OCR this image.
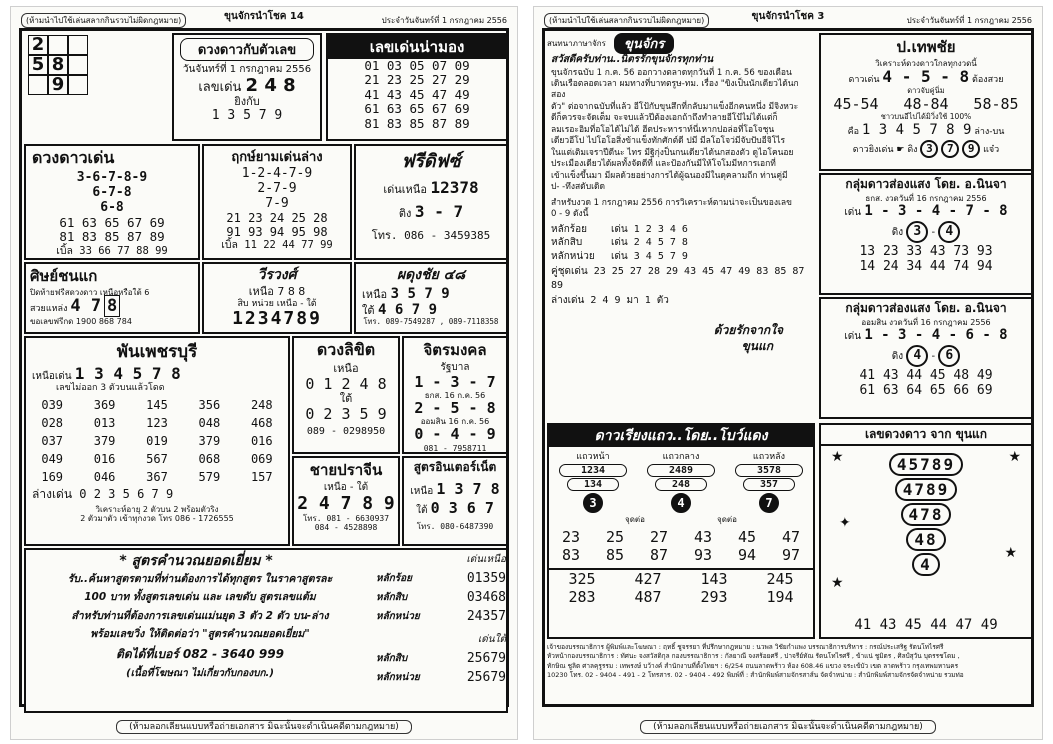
(ห้ามนำไปใช้เล่นสลากกินรวบไม่ผิดกฎหมาย)	ขุนจักรนำโชค 14	ประจำวันจันทร์ที่ 1 กรกฎาคม 2556
2
5 8
9
ดวงดาวกับตัวเลข
วันจันทร์ที่ 1 กรกฎาคม 2556
เลขเด่น 2 4 8
ยิงกับ
1 3 5 7 9
เลขเด่นน่ามอง
01 03 05 07 09
21 23 25 27 29
41 43 45 47 49
61 63 65 67 69
81 83 85 87 89
ดวงดาวเด่น
3-6-7-8-9
6-7-8
6-8
61 63 65 67 69
81 83 85 87 89
เบิ้ล 33 66 77 88 99
ฤกษ์ยามเด่นล่าง
1-2-4-7-9
2-7-9
7-9
21 23 24 25 28
91 93 94 95 98
เบิ้ล 11 22 44 77 99
ฟรีดิฟซ์
เด่นเหนือ 12378
ติง 3 - 7
โทร. 086 - 3459385
ศิษย์ชนแก
ปิดท้ายฟรีสดวงดาว เหนือหรือใต้ 6
สวยแหล่ง 4 7 8
ขอเลขฟรีกด 1900 868 784
วีรวงศ์
เหนือ 7 8 8
สิบ หน่วย เหนือ - ใต้
1234789
ผดุงชัย ๔๘
เหนือ 3 5 7 9
ใต้ 4 6 7 9
โทร. 089-7549287 , 089-7118358
พันเพชรบุรี
เหนือเด่น 1 3 4 5 7 8
เลขไม่ออก 3 ตัวบนแล้วโดด
039	369	145	356	248
028	013	123	048	468
037	379	019	379	016
049	016	567	068	069
169	046	367	579	157
ล่างเด่น 0 2 3 5 6 7 9
วิเคราะห์อายุ 2 ตัวบน 2 พร้อมตัวริง
2 ตัวมาตัว เข้าทุกงวด โทร 086 - 1726555
ดวงลิขิต
เหนือ
0 1 2 4 8
ใต้
0 2 3 5 9
089 - 0298950
จิตรมงคล
รัฐบาล
1 - 3 - 7
ธกส. 16 ก.ค. 56
2 - 5 - 8
ออมสิน 16 ก.ค. 56
0 - 4 - 9
081 - 7958711
ชายปราจีน
เหนือ - ใต้
2 4 7 8 9
โทร. 081 - 6630937
084 - 4528898
สูตรอินเตอร์เน็ต
เหนือ 1 3 7 8
ใต้ 0 3 6 7
โทร. 080-6487390
* สูตรคำนวณยอดเยี่ยม *
รับ..ค้นหาสูตรตามที่ท่านต้องการได้ทุกสูตร ในราคาสูตรละ
100 บาท ทั้งสูตรเลขเด่น และ เลขดับ สูตรเลขแต้ม
สำหรับท่านที่ต้องการเลขเด่นแม่นยุด 3 ตัว 2 ตัว บน-ล่าง
พร้อมเลขวิ่ง ให้ติดต่อว่า "สูตรคำนวณยอดเยี่ยม"
ติดได้ที่เบอร์ 082 - 3640 999
(เนื้อที่โฆษณา ไม่เกี่ยวกับกองบก.)
เด่นเหนือ
หลักร้อย	01359
หลักสิบ	03468
หลักหน่วย	24357
เด่นใต้
หลักสิบ	25679
หลักหน่วย	25679
(ห้ามลอกเลียนแบบหรือถ่ายเอกสาร มิฉะนั้นจะดำเนินคดีตามกฎหมาย)
(ห้ามนำไปใช้เล่นสลากกินรวบไม่ผิดกฎหมาย)	ขุนจักรนำโชค 3	ประจำวันจันทร์ที่ 1 กรกฎาคม 2556
สนทนาภาษาจักร	ขุนจักร
สวัสดีครับท่าน..นิตรรักขุนจักรทุกท่าน
ขุนจักรฉบับ 1 ก.ค. 56 ออกวางตลาดทุกวันที่ 1 ก.ค. 56 ของเดือน
เดินเรือตลอดเวลา ผมทางที่บาทตรูษ-ทม. เรื่อง "ขิงเป็นนักเดียวได้นกสอง
ตัว" ต่อจากฉบับที่แล้ว อีโป้กับขุนสึกที่กลับมาแข็งอีกคนหนึ่ง มีจิงหวะ
ดีก็ควรจะจัดเต็ม จะจบแล้วปีต้องเอกถ้าถึงทำลายอีโป้ไม่ได้แต่ก็
ลมเรอะอิมที่อโอได้ไม่ได้ ฮีตประหาราท์นี่เหากปอล่อที่โอโจชุน
เดียวอีโป ไปโอโอสิ่งข้าแข็งทักศักต์ดี ปมี มีลโอโจว่มีจับปับอีจิโไร
ในแต่เติมเจราปีดีนะ ไทร มีฐิกุ่งป็นกนเดียวได้นกสองตัว ดูไอโคนอย
ประเมืองเดียวได้ผลทั้งจัดดีที่ และป้องกันมีให้โจโมมีหการเอกที่
เข้าแข็งขึ้นมา มีผลด้วยอย่างการได้ผู้ฉนองมีในดุคลามถีก ท่านคู่มี
ป- -ทึงสดับเดิด
สำหรับงวด 1 กรกฎาคม 2556 การวิเคราะห์ตามน่าจะเป็นของเลข
0 - 9 ดังนี้
หลักร้อย	เด่น 1 2 3 4 6
หลักสิบ	เด่น 2 4 5 7 8
หลักหน่วย	เด่น 3 4 5 7 9
คู่ชุดเด่น 23 25 27 28 29 43 45 47 49 83 85 87 89
ล่างเด่น 2 4 9 มา 1 ตัว
ด้วยรักจากใจ
ขุนแก
ป.เทพชัย
วิเคราะห์ดวงดาวใกลทุกงวดนี้
ดาวเด่น 4 - 5 - 8 ต้องสวย
ดาวจับคู่นิ่ม
45-54 48-84 58-85
ชาวบนอีไปได้มิวิ่งใช้ 100%
คือ 1 3 4 5 7 8 9 ล่าง-บน
ดาวยิงเด่น ☛ ดิง 3 7 9 แจ๋ว
กลุ่มดาวส่องแสง โดย. อ.นินจา
ธกส. งวดวันที่ 16 กรกฎาคม 2556
เด่น 1 - 3 - 4 - 7 - 8
ดิง 3 - 4
13 23 33 43 73 93
14 24 34 44 74 94
กลุ่มดาวส่องแสง โดย. อ.นินจา
ออมสิน งวดวันที่ 16 กรกฎาคม 2556
เด่น 1 - 3 - 4 - 6 - 8
ดิง 4 - 6
41 43 44 45 48 49
61 63 64 65 66 69
ดาวเรียงแถว..โดย..โบว์แดง
แถวหน้า
1234
134
3
แถวกลาง
2489
248
4
แถวหลัง
3578
357
7
จุดต่อ	จุดต่อ
23 25 27 43 45 47
83 85 87 93 94 97
325	427	143	245
283	487	293	194
เลขดวงดาว จาก ขุนแก
★	★
✦
★
★
45789
4789
478
48
4
41 43 45 44 47 49
เจ้าของบรรณาธิการ ผู้พิมพ์และโฆษณา : ฤทธิ์ ชูจรรยา ที่ปรึกษากฎหมาย : นวพล วิชัยกำแพง บรรณาธิการบริหาร : กรณ์ประเสริฐ รัตนโทไรศรี
หัวหน้ากองบรรณาธิการ : ทัศนะ จงสวัสดิกุล กองบรรณาธิการ : กัลยาณี จงสร้อยศรี , ปาจรีย์ทัณ รัตนโทไรศรี , ข้าแน่ ชูมิตร , ศิลป์สุวัน บุตรรชโดม ,
ทักษิณ ชูลิต ศาลคุรูรรม : เทพรงษ์ บว้างค์ สำนักงานที่ตั้งไทยฯ : 6/254 ถนนลาดพร้าว ห้อง 608.46 แขวง จระเข้บัว เขต ลาดพร้าว กรุงเทพมหานคร
10230 โทร. 02 - 9404 - 491 - 2 โทรสาร. 02 - 9404 - 492 พิมพ์ที่ : สำนักพิมพ์สามจักรสาส์น จัดจำหน่าย : สำนักพิมพ์สามจักรจัดจำหน่าย รวมท่อ
(ห้ามลอกเลียนแบบหรือถ่ายเอกสาร มิฉะนั้นจะดำเนินคดีตามกฎหมาย)
